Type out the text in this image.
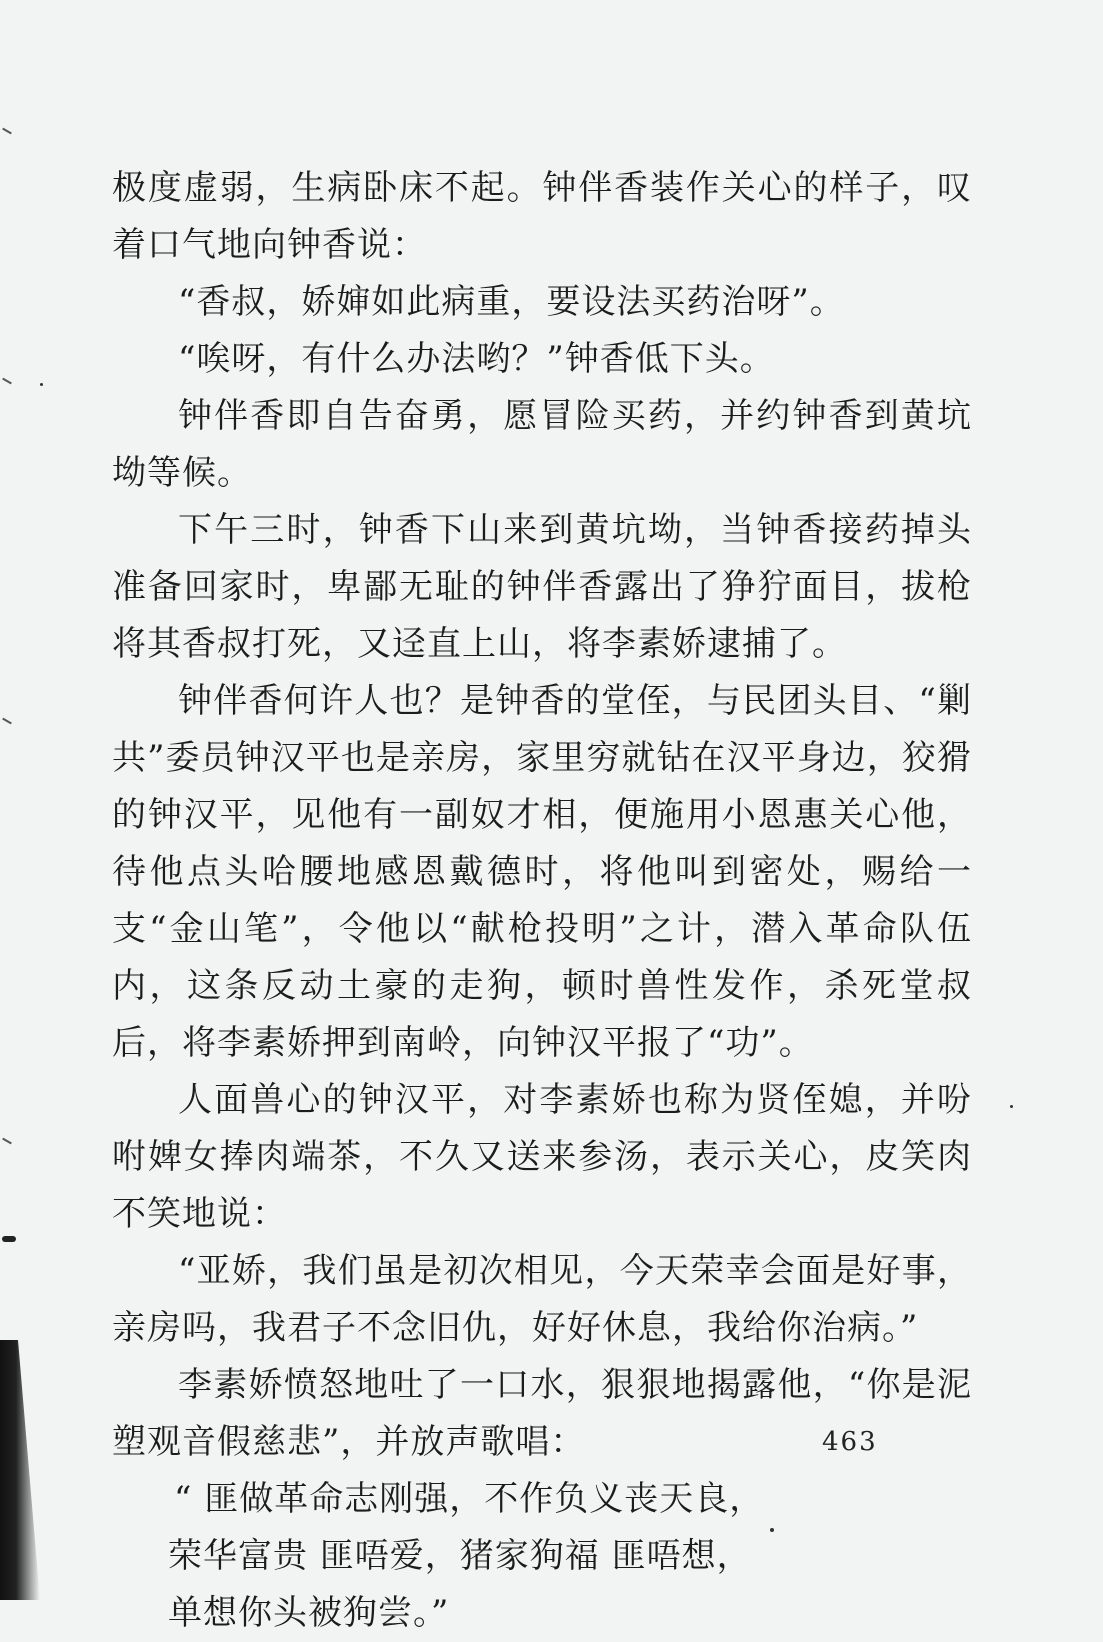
极度虚弱，生病卧床不起。钟伴香装作关心的样子，叹着口气地向钟香说：

“香叔，娇婶如此病重，要设法买药治呀”。

“唉呀，有什么办法哟？”钟香低下头。

钟伴香即自告奋勇，愿冒险买药，并约钟香到黄坑坳等候。

下午三时，钟香下山来到黄坑坳，当钟香接药掉头准备回家时，卑鄙无耻的钟伴香露出了狰狞面目，拔枪将其香叔打死，又迳直上山，将李素娇逮捕了。

钟伴香何许人也？是钟香的堂侄，与民团头目、“剿共”委员钟汉平也是亲房，家里穷就钻在汉平身边，狡猾的钟汉平，见他有一副奴才相，便施用小恩惠关心他，待他点头哈腰地感恩戴德时，将他叫到密处，赐给一支“金山笔”，令他以“献枪投明”之计，潜入革命队伍内，这条反动土豪的走狗，顿时兽性发作，杀死堂叔后，将李素娇押到南岭，向钟汉平报了“功”。

人面兽心的钟汉平，对李素娇也称为贤侄媳，并吩咐婢女捧肉端茶，不久又送来参汤，表示关心，皮笑肉不笑地说：

“亚娇，我们虽是初次相见，今天荣幸会面是好事，亲房吗，我君子不念旧仇，好好休息，我给你治病。”

李素娇愤怒地吐了一口水，狠狠地揭露他，“你是泥塑观音假慈悲”，并放声歌唱：

“ 匪做革命志刚强，不作负义丧天良，
荣华富贵 匪唔爱，猪家狗福 匪唔想，
单想你头被狗尝。”
463
